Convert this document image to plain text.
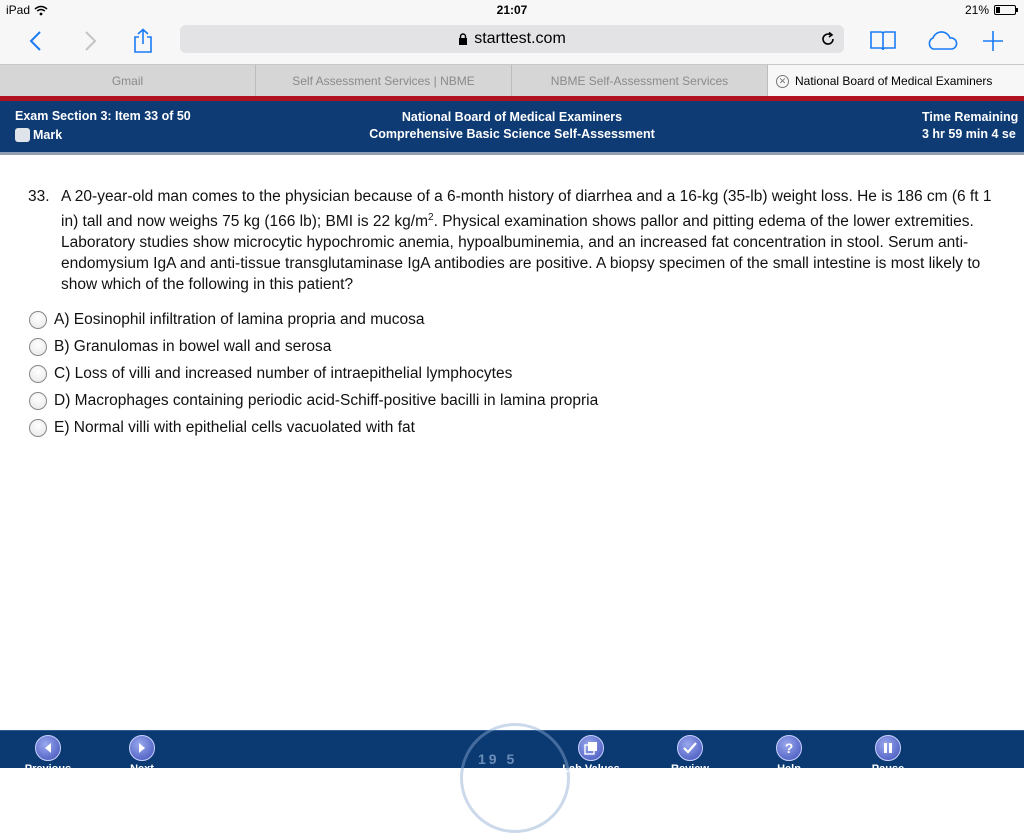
iPad	21:07	21%
starttest.com
Gmail	Self Assessment Services | NBME	NBME Self-Assessment Services	✕ National Board of Medical Examiners
Exam Section 3: Item 33 of 50
Mark
National Board of Medical Examiners
Comprehensive Basic Science Self-Assessment
Time Remaining
3 hr 59 min 4 se
33. A 20-year-old man comes to the physician because of a 6-month history of diarrhea and a 16-kg (35-lb) weight loss. He is 186 cm (6 ft 1 in) tall and now weighs 75 kg (166 lb); BMI is 22 $kg/m^2$. Physical examination shows pallor and pitting edema of the lower extremities. Laboratory studies show microcytic hypochromic anemia, hypoalbuminemia, and an increased fat concentration in stool. Serum anti-endomysium IgA and anti-tissue transglutaminase IgA antibodies are positive. A biopsy specimen of the small intestine is most likely to show which of the following in this patient?
A) Eosinophil infiltration of lamina propria and mucosa
B) Granulomas in bowel wall and serosa
C) Loss of villi and increased number of intraepithelial lymphocytes
D) Macrophages containing periodic acid-Schiff-positive bacilli in lamina propria
E) Normal villi with epithelial cells vacuolated with fat
19 5
Previous	Next	Lab Values	Review
?
Help	Pause
